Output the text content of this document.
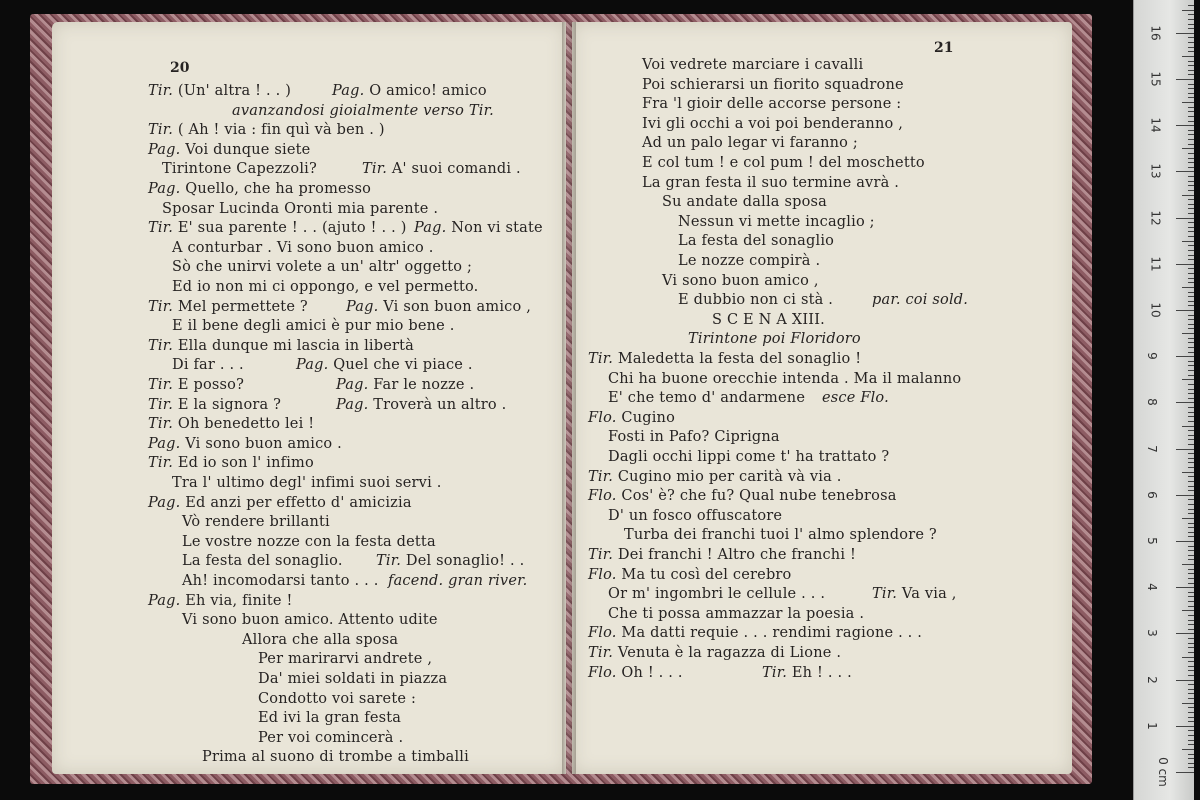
20
Tir. (Un' altra ! . . )	Pag. O amico! amico
avanzandosi gioialmente verso Tir.
Tir. ( Ah ! via : fin quì và ben . )
Pag. Voi dunque siete
Tirintone Capezzoli?	Tir. A' suoi comandi .
Pag. Quello, che ha promesso
Sposar Lucinda Oronti mia parente .
Tir. E' sua parente ! . . (ajuto ! . . ) Pag. Non vi state
A conturbar . Vi sono buon amico .
Sò che unirvi volete a un' altr' oggetto ;
Ed io non mi ci oppongo, e vel permetto.
Tir. Mel permettete ?	Pag. Vi son buon amico ,
E il bene degli amici è pur mio bene .
Tir. Ella dunque mi lascia in libertà
Di far . . .	Pag. Quel che vi piace .
Tir. E posso?	Pag. Far le nozze .
Tir. E la signora ?	Pag. Troverà un altro .
Tir. Oh benedetto lei !
Pag. Vi sono buon amico .
Tir. Ed io son l' infimo
Tra l' ultimo degl' infimi suoi servi .
Pag. Ed anzi per effetto d' amicizia
Vò rendere brillanti
Le vostre nozze con la festa detta
La festa del sonaglio. Tir. Del sonaglio! . .
Ah! incomodarsi tanto . . . facend. gran river.
Pag. Eh via, finite !
Vi sono buon amico. Attento udite
Allora che alla sposa
Per marirarvi andrete ,
Da' miei soldati in piazza
Condotto voi sarete :
Ed ivi la gran festa
Per voi comincerà .
Prima al suono di trombe a timballi
21
Voi vedrete marciare i cavalli
Poi schierarsi un fiorito squadrone
Fra 'l gioir delle accorse persone :
Ivi gli occhi a voi poi benderanno ,
Ad un palo legar vi faranno ;
E col tum ! e col pum ! del moschetto
La gran festa il suo termine avrà .
Su andate dalla sposa
Nessun vi mette incaglio ;
La festa del sonaglio
Le nozze compirà .
Vi sono buon amico ,
E dubbio non ci stà .	par. coi sold.
S C E N A XIII.
Tirintone poi Floridoro
Tir. Maledetta la festa del sonaglio !
Chi ha buone orecchie intenda . Ma il malanno
E' che temo d' andarmene esce Flo.
Flo. Cugino
Fosti in Pafo? Ciprigna
Dagli occhi lippi come t' ha trattato ?
Tir. Cugino mio per carità và via .
Flo. Cos' è? che fu? Qual nube tenebrosa
D' un fosco offuscatore
Turba dei franchi tuoi l' almo splendore ?
Tir. Dei franchi ! Altro che franchi !
Flo. Ma tu così del cerebro
Or m' ingombri le cellule . . .	Tir. Va via ,
Che ti possa ammazzar la poesia .
Flo. Ma datti requie . . . rendimi ragione . . .
Tir. Venuta è la ragazza di Lione .
Flo. Oh ! . . .	Tir. Eh ! . . .
16
15
14
13
12
11
10
9
8
7
6
5
4
3
2
1
0 cm
